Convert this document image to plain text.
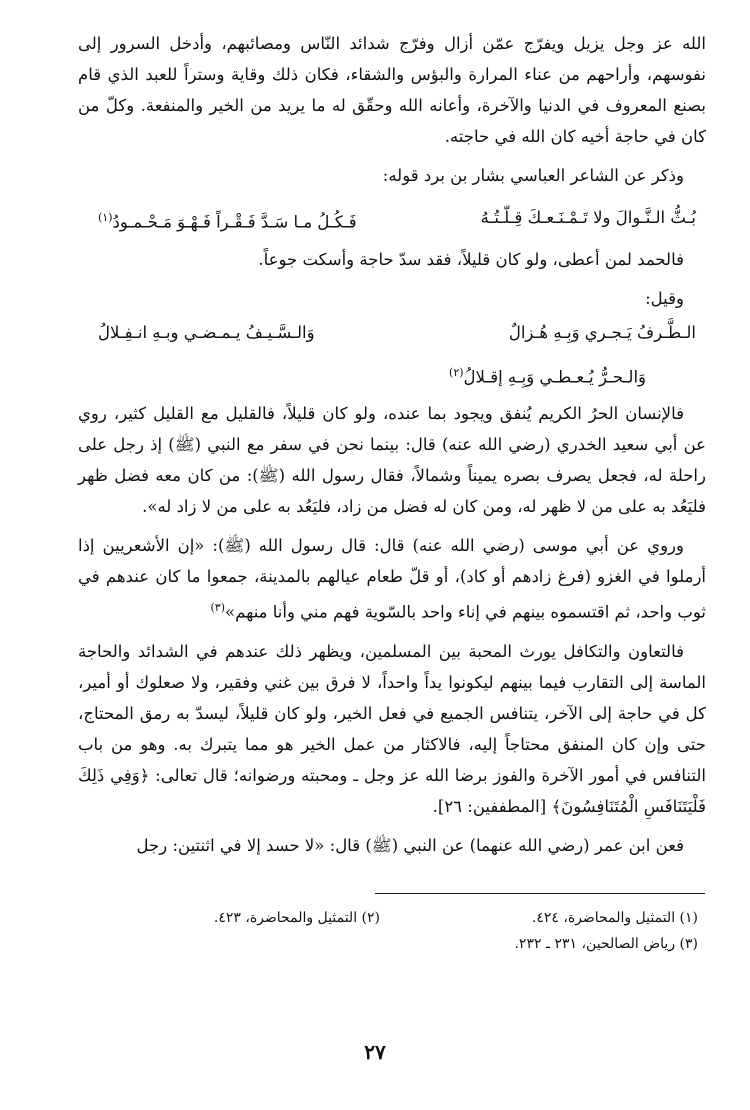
الله عز وجل يزيل ويفرّج عمّن أزال وفرّج شدائد النّاس ومصائبهم، وأدخل السرور إلى نفوسهم، وأراحهم من عناء المرارة والبؤس والشقاء، فكان ذلك وقاية وستراً للعبد الذي قام بصنع المعروف في الدنيا والآخرة، وأعانه الله وحقّق له ما يريد من الخير والمنفعة. وكلّ من كان في حاجة أخيه كان الله في حاجته.

وذكر عن الشاعر العباسي بشار بن برد قوله:

بُـثُّ الـنَّـوالَ ولا تَـمْـنَـعـكَ قِـلّـتُـهُ
فَـكُـلُ مـا سَـدَّ فَـقْـراً فَـهْـوَ مَـحْـمـودُ$^{(١)}$

فالحمد لمن أعطى، ولو كان قليلاً، فقد سدّ حاجة وأسكت جوعاً.

وقيل:

الـطَّـرفُ يَـجـري وَبِـهِ هُـزالٌ
وَالـسَّـيـفُ يـمـضـي وبـهِ انـفِـلالُ
وَالـحـرُّ يُـعـطـي وَبِـهِ إقـلالُ$^{(٢)}$

فالإنسان الحرُ الكريم يُنفق ويجود بما عنده، ولو كان قليلاً، فالقليل مع القليل كثير، روي عن أبي سعيد الخدري (رضي الله عنه) قال: بينما نحن في سفر مع النبي (ﷺ) إذ رجل على راحلة له، فجعل يصرف بصره يميناً وشمالاً، فقال رسول الله (ﷺ): من كان معه فضل ظهر فليَعُد به على من لا ظهر له، ومن كان له فضل من زاد، فليَعُد به على من لا زاد له».

وروي عن أبي موسى (رضي الله عنه) قال: قال رسول الله (ﷺ): «إن الأشعريين إذا أرملوا في الغزو (فرغ زادهم أو كاد)، أو قلّ طعام عيالهم بالمدينة، جمعوا ما كان عندهم في ثوب واحد، ثم اقتسموه بينهم في إناء واحد بالسّوية فهم مني وأنا منهم»$^{(٣)}$

فالتعاون والتكافل يورث المحبة بين المسلمين، ويظهر ذلك عندهم في الشدائد والحاجة الماسة إلى التقارب فيما بينهم ليكونوا يداً واحداً، لا فرق بين غني وفقير، ولا صعلوك أو أمير، كل في حاجة إلى الآخر، يتنافس الجميع في فعل الخير، ولو كان قليلاً، ليسدّ به رمق المحتاج، حتى وإن كان المنفق محتاجاً إليه، فالاكثار من عمل الخير هو مما يتبرك به. وهو من باب التنافس في أمور الآخرة والفوز برضا الله عز وجل ـ ومحبته ورضوانه؛ قال تعالى: ﴿وَفِي ذَلِكَ فَلْيَتَنَافَسِ الْمُتَنَافِسُونَ﴾ [المطففين: ٢٦].

فعن ابن عمر (رضي الله عنهما) عن النبي (ﷺ) قال: «لا حسد إلا في اثنتين: رجل

(١) التمثيل والمحاضرة، ٤٢٤.
(٢) التمثيل والمحاضرة، ٤٢٣.
(٣) رياض الصالحين، ٢٣١ ـ ٢٣٢.
٢٧
